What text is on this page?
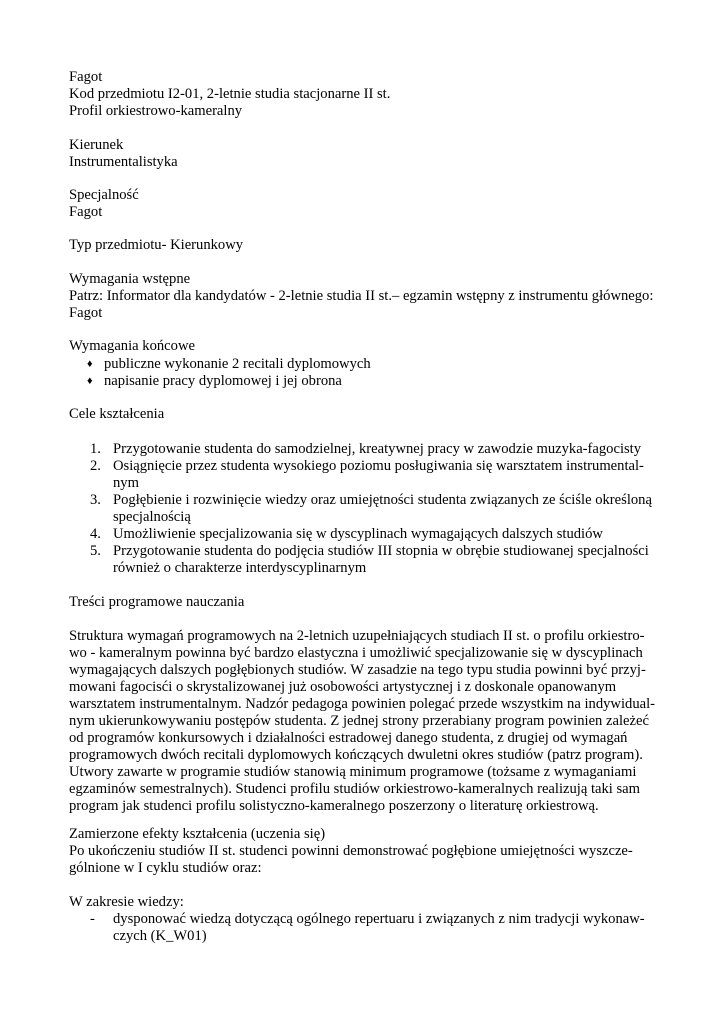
Fagot
Kod przedmiotu I2-01, 2-letnie studia stacjonarne II st.
Profil orkiestrowo-kameralny
Kierunek
Instrumentalistyka
Specjalność
Fagot
Typ przedmiotu- Kierunkowy
Wymagania wstępne
Patrz: Informator dla kandydatów - 2-letnie studia II st.– egzamin wstępny z instrumentu głównego:
Fagot
Wymagania końcowe
♦ publiczne wykonanie 2 recitali dyplomowych
♦ napisanie pracy dyplomowej i jej obrona
Cele kształcenia
1. Przygotowanie studenta do samodzielnej, kreatywnej pracy w zawodzie muzyka-fagocisty
2. Osiągnięcie przez studenta wysokiego poziomu posługiwania się warsztatem instrumental-
nym
3. Pogłębienie i rozwinięcie wiedzy oraz umiejętności studenta związanych ze ściśle określoną
specjalnością
4. Umożliwienie specjalizowania się w dyscyplinach wymagających dalszych studiów
5. Przygotowanie studenta do podjęcia studiów III stopnia w obrębie studiowanej specjalności
również o charakterze interdyscyplinarnym
Treści programowe nauczania
Struktura wymagań programowych na 2-letnich uzupełniających studiach II st. o profilu orkiestro-
wo - kameralnym powinna być bardzo elastyczna i umożliwić specjalizowanie się w dyscyplinach
wymagających dalszych pogłębionych studiów. W zasadzie na tego typu studia powinni być przyj-
mowani fagocisći o skrystalizowanej już osobowości artystycznej i z doskonale opanowanym
warsztatem instrumentalnym. Nadzór pedagoga powinien polegać przede wszystkim na indywidual-
nym ukierunkowywaniu postępów studenta. Z jednej strony przerabiany program powinien zależeć
od programów konkursowych i działalności estradowej danego studenta, z drugiej od wymagań
programowych dwóch recitali dyplomowych kończących dwuletni okres studiów (patrz program).
Utwory zawarte w programie studiów stanowią minimum programowe (tożsame z wymaganiami
egzaminów semestralnych). Studenci profilu studiów orkiestrowo-kameralnych realizują taki sam
program jak studenci profilu solistyczno-kameralnego poszerzony o literaturę orkiestrową.
Zamierzone efekty kształcenia (uczenia się)
Po ukończeniu studiów II st. studenci powinni demonstrować pogłębione umiejętności wyszcze-
gólnione w I cyklu studiów oraz:
W zakresie wiedzy:
- dysponować wiedzą dotyczącą ogólnego repertuaru i związanych z nim tradycji wykonaw-
czych (K_W01)
